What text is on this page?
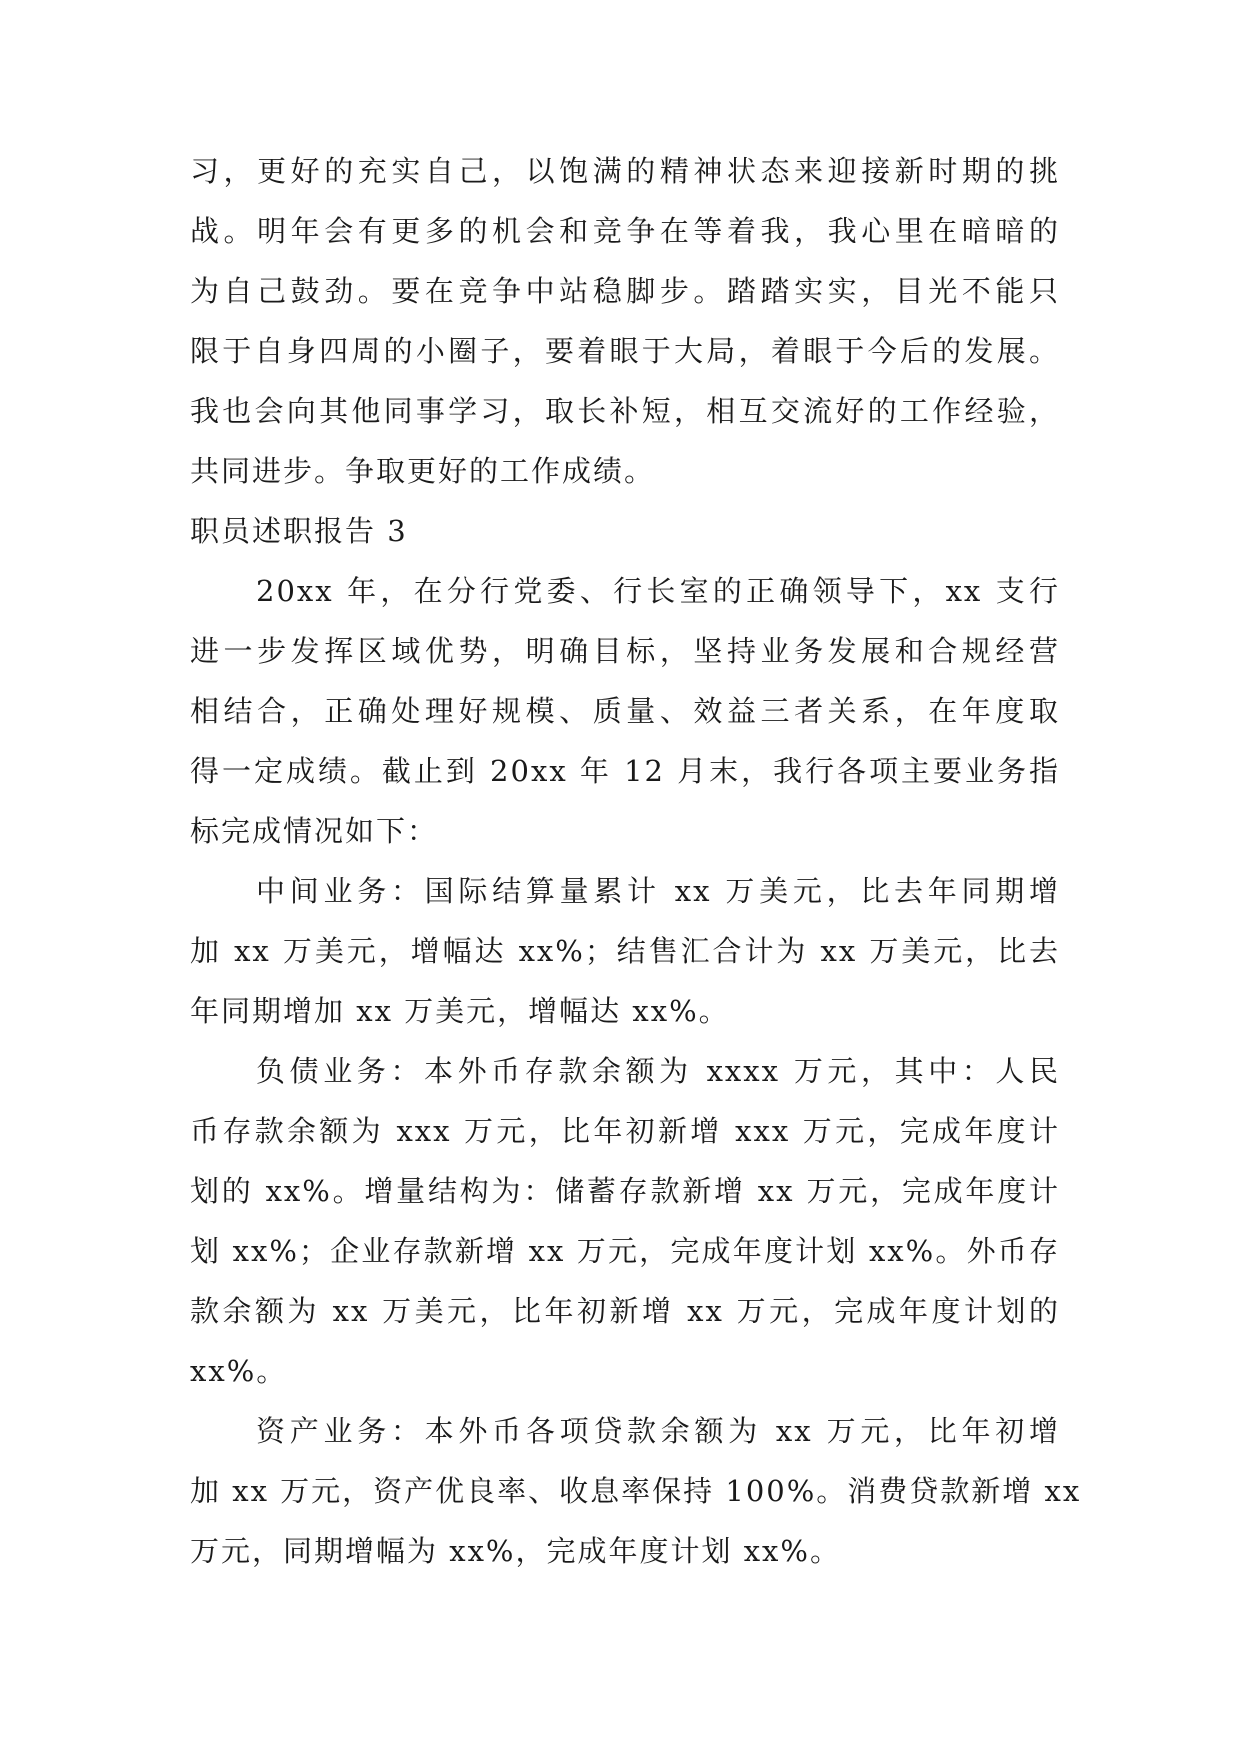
习，更好的充实自己，以饱满的精神状态来迎接新时期的挑
战。明年会有更多的机会和竞争在等着我，我心里在暗暗的
为自己鼓劲。要在竞争中站稳脚步。踏踏实实，目光不能只
限于自身四周的小圈子，要着眼于大局，着眼于今后的发展。
我也会向其他同事学习，取长补短，相互交流好的工作经验，
共同进步。争取更好的工作成绩。
职员述职报告 3
20xx 年，在分行党委、行长室的正确领导下，xx 支行
进一步发挥区域优势，明确目标，坚持业务发展和合规经营
相结合，正确处理好规模、质量、效益三者关系，在年度取
得一定成绩。截止到 20xx 年 12 月末，我行各项主要业务指
标完成情况如下：
中间业务：国际结算量累计 xx 万美元，比去年同期增
加 xx 万美元，增幅达 xx%；结售汇合计为 xx 万美元，比去
年同期增加 xx 万美元，增幅达 xx%。
负债业务：本外币存款余额为 xxxx 万元，其中：人民
币存款余额为 xxx 万元，比年初新增 xxx 万元，完成年度计
划的 xx%。增量结构为：储蓄存款新增 xx 万元，完成年度计
划 xx%；企业存款新增 xx 万元，完成年度计划 xx%。外币存
款余额为 xx 万美元，比年初新增 xx 万元，完成年度计划的
xx%。
资产业务：本外币各项贷款余额为 xx 万元，比年初增
加 xx 万元，资产优良率、收息率保持 100%。消费贷款新增 xx
万元，同期增幅为 xx%，完成年度计划 xx%。
